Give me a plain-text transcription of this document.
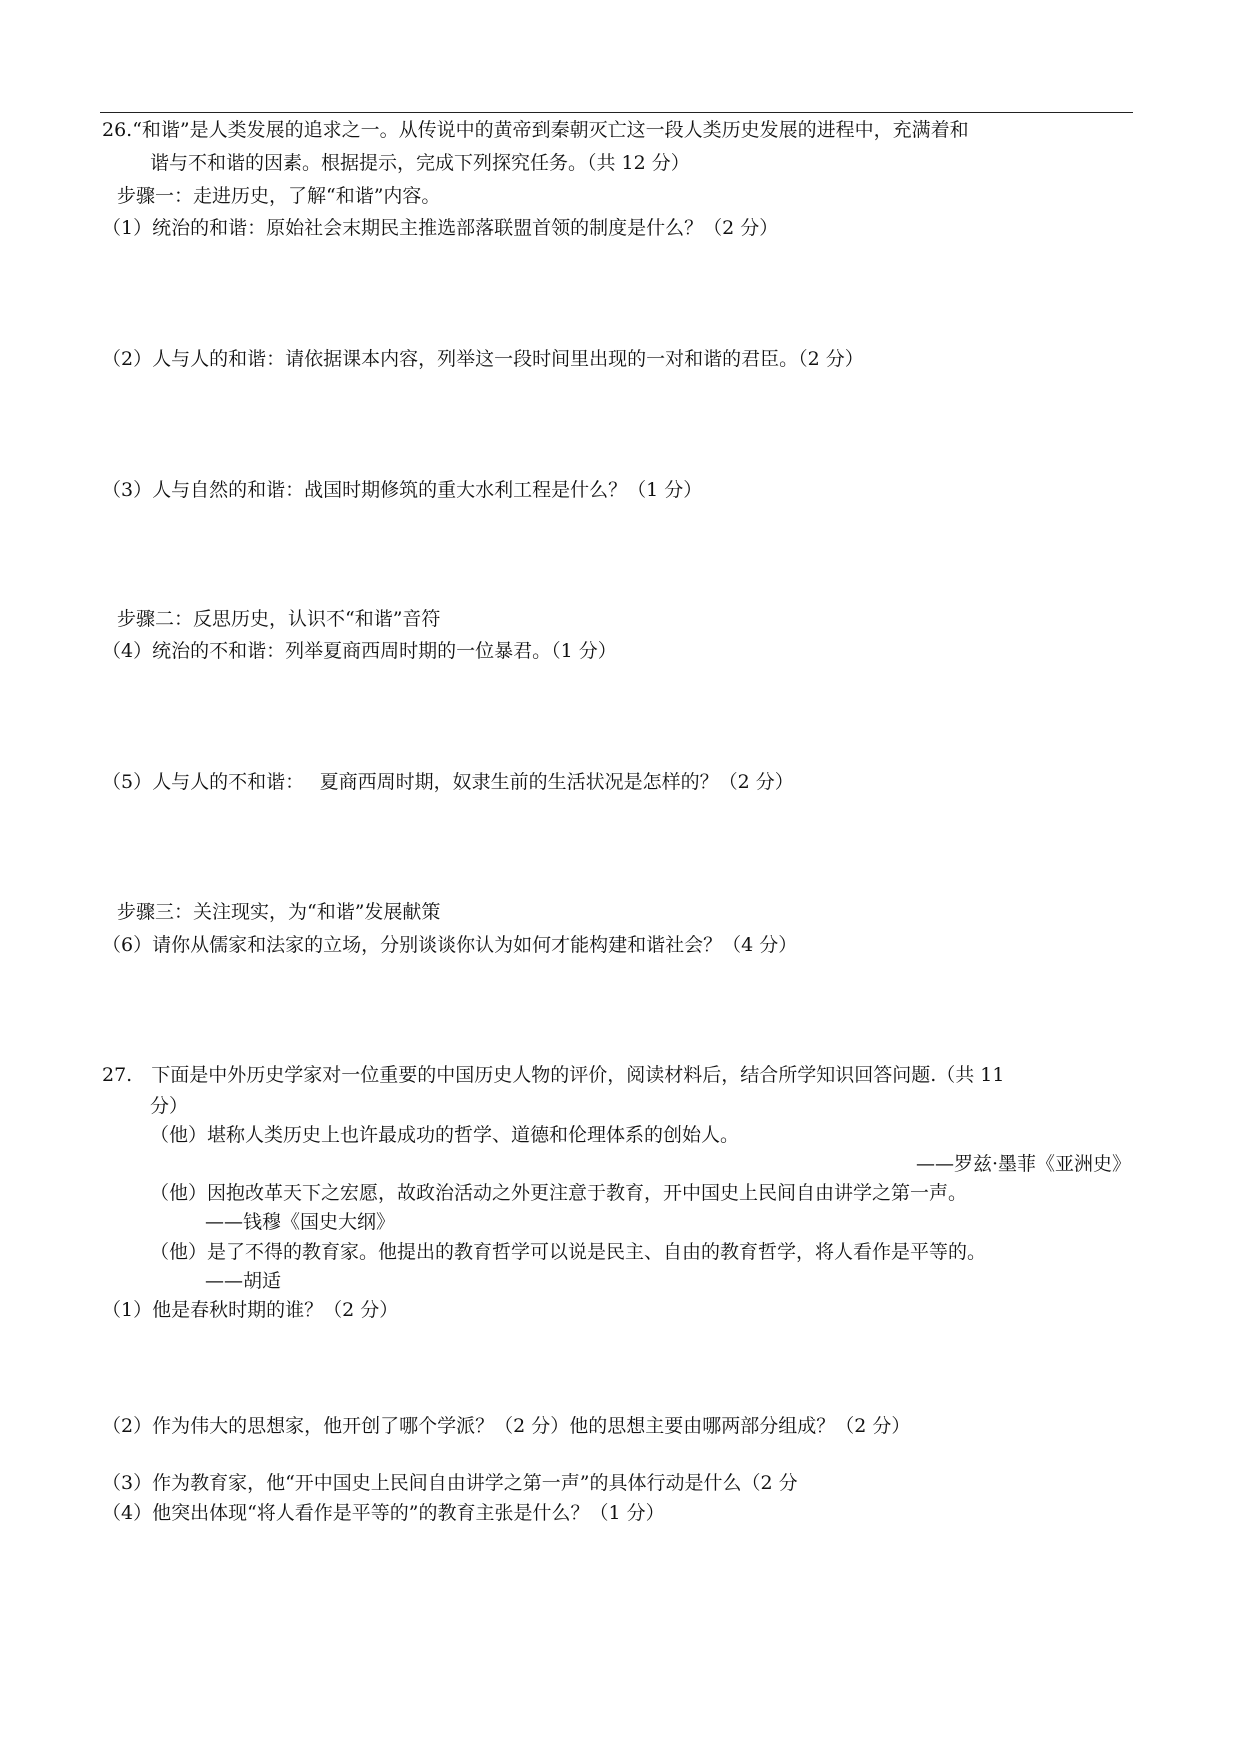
26.“和谐”是人类发展的追求之一。从传说中的黄帝到秦朝灭亡这一段人类历史发展的进程中，充满着和
谐与不和谐的因素。根据提示，完成下列探究任务。（共 12 分）
步骤一：走进历史，了解“和谐”内容。
（1）统治的和谐：原始社会末期民主推选部落联盟首领的制度是什么？（2 分）
（2）人与人的和谐：请依据课本内容，列举这一段时间里出现的一对和谐的君臣。（2 分）
（3）人与自然的和谐：战国时期修筑的重大水利工程是什么？（1 分）
步骤二：反思历史，认识不“和谐”音符
（4）统治的不和谐：列举夏商西周时期的一位暴君。（1 分）
（5）人与人的不和谐：　 夏商西周时期，奴隶生前的生活状况是怎样的？（2 分）
步骤三：关注现实，为“和谐”发展献策
（6）请你从儒家和法家的立场，分别谈谈你认为如何才能构建和谐社会？（4 分）
27.　下面是中外历史学家对一位重要的中国历史人物的评价，阅读材料后，结合所学知识回答问题.（共 11
分）
（他）堪称人类历史上也许最成功的哲学、道德和伦理体系的创始人。
——罗兹·墨菲《亚洲史》
（他）因抱改革天下之宏愿，故政治活动之外更注意于教育，开中国史上民间自由讲学之第一声。
——钱穆《国史大纲》
（他）是了不得的教育家。他提出的教育哲学可以说是民主、自由的教育哲学，将人看作是平等的。
——胡适
（1）他是春秋时期的谁？（2 分）
（2）作为伟大的思想家，他开创了哪个学派？（2 分）他的思想主要由哪两部分组成？（2 分）
（3）作为教育家，他“开中国史上民间自由讲学之第一声”的具体行动是什么（2 分
（4）他突出体现“将人看作是平等的”的教育主张是什么？（1 分）
